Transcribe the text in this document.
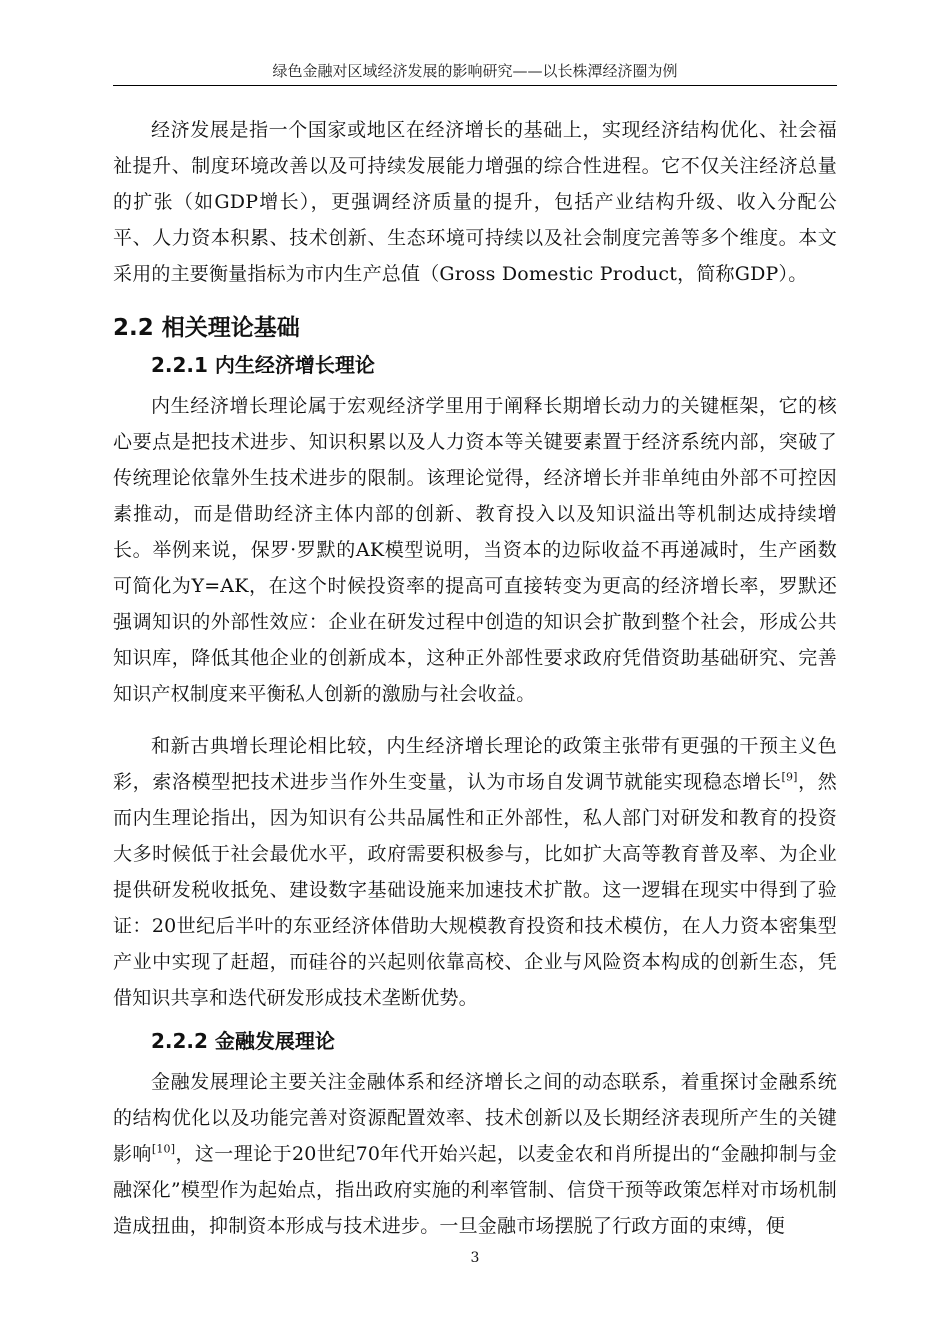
绿色金融对区域经济发展的影响研究——以长株潭经济圈为例

经济发展是指一个国家或地区在经济增长的基础上，实现经济结构优化、社会福祉提升、制度环境改善以及可持续发展能力增强的综合性进程。它不仅关注经济总量的扩张（如GDP增长），更强调经济质量的提升，包括产业结构升级、收入分配公平、人力资本积累、技术创新、生态环境可持续以及社会制度完善等多个维度。本文采用的主要衡量指标为市内生产总值（Gross Domestic Product，简称GDP）。

2.2 相关理论基础
2.2.1 内生经济增长理论

内生经济增长理论属于宏观经济学里用于阐释长期增长动力的关键框架，它的核心要点是把技术进步、知识积累以及人力资本等关键要素置于经济系统内部，突破了传统理论依靠外生技术进步的限制。该理论觉得，经济增长并非单纯由外部不可控因素推动，而是借助经济主体内部的创新、教育投入以及知识溢出等机制达成持续增长。举例来说，保罗·罗默的AK模型说明，当资本的边际收益不再递减时，生产函数可简化为Y=AK，在这个时候投资率的提高可直接转变为更高的经济增长率，罗默还强调知识的外部性效应：企业在研发过程中创造的知识会扩散到整个社会，形成公共知识库，降低其他企业的创新成本，这种正外部性要求政府凭借资助基础研究、完善知识产权制度来平衡私人创新的激励与社会收益。

和新古典增长理论相比较，内生经济增长理论的政策主张带有更强的干预主义色彩，索洛模型把技术进步当作外生变量，认为市场自发调节就能实现稳态增长[9]，然而内生理论指出，因为知识有公共品属性和正外部性，私人部门对研发和教育的投资大多时候低于社会最优水平，政府需要积极参与，比如扩大高等教育普及率、为企业提供研发税收抵免、建设数字基础设施来加速技术扩散。这一逻辑在现实中得到了验证：20世纪后半叶的东亚经济体借助大规模教育投资和技术模仿，在人力资本密集型产业中实现了赶超，而硅谷的兴起则依靠高校、企业与风险资本构成的创新生态，凭借知识共享和迭代研发形成技术垄断优势。

2.2.2 金融发展理论

金融发展理论主要关注金融体系和经济增长之间的动态联系，着重探讨金融系统的结构优化以及功能完善对资源配置效率、技术创新以及长期经济表现所产生的关键影响[10]，这一理论于20世纪70年代开始兴起，以麦金农和肖所提出的“金融抑制与金融深化”模型作为起始点，指出政府实施的利率管制、信贷干预等政策怎样对市场机制造成扭曲，抑制资本形成与技术进步。一旦金融市场摆脱了行政方面的束缚，便

3
